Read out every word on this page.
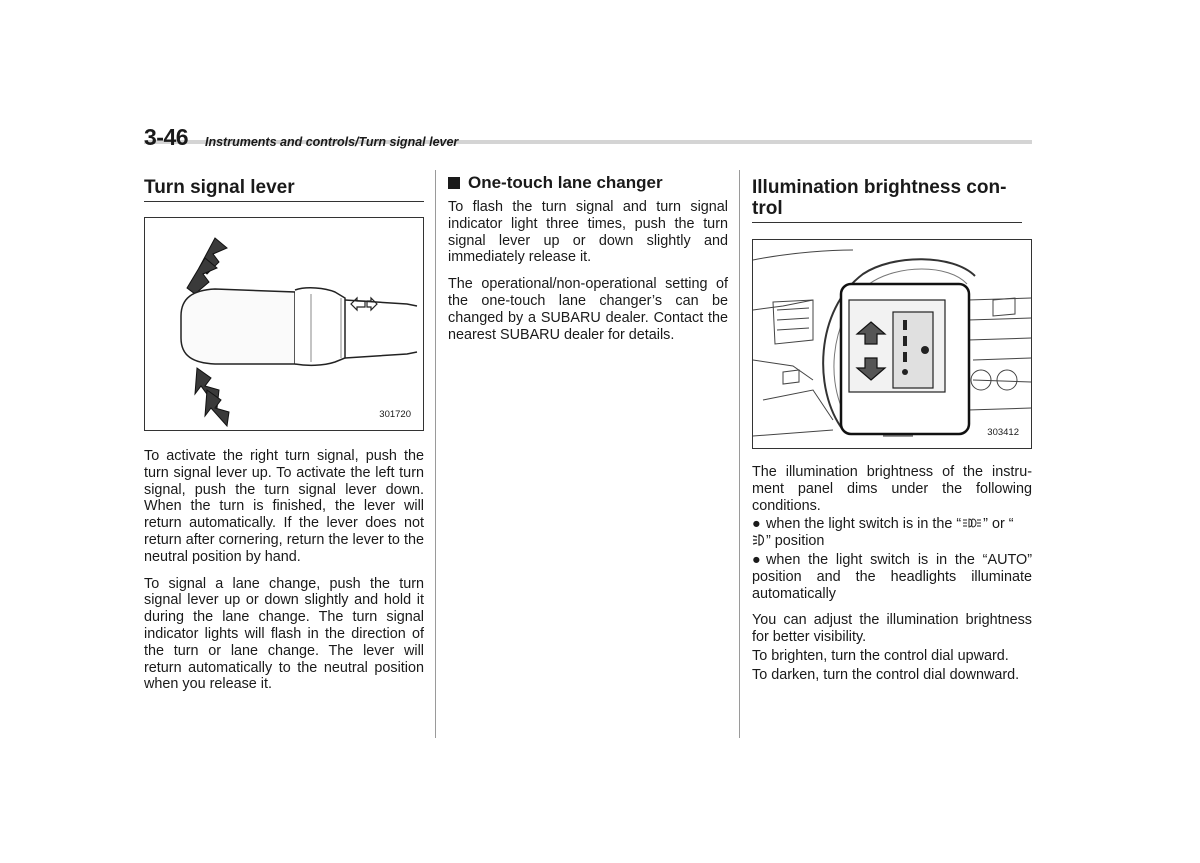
3-46 Instruments and controls/Turn signal lever
Turn signal lever
301720

To activate the right turn signal, push the turn signal lever up. To activate the left turn signal, push the turn signal lever down. When the turn is finished, the lever will return automatically. If the lever does not return after cornering, return the lever to the neutral position by hand.

To signal a lane change, push the turn signal lever up or down slightly and hold it during the lane change. The turn signal indicator lights will flash in the direction of the turn or lane change. The lever will return automatically to the neutral position when you release it.

One-touch lane changer

To flash the turn signal and turn signal indicator light three times, push the turn signal lever up or down slightly and immediately release it.

The operational/non-operational setting of the one-touch lane changer’s can be changed by a SUBARU dealer. Contact the nearest SUBARU dealer for details.

Illumination brightness con-trol
303412

The illumination brightness of the instru-ment panel dims under the following conditions.

● when the light switch is in the “ ” or “
” position

● when the light switch is in the “AUTO” position and the headlights illuminate automatically

You can adjust the illumination brightness for better visibility.

To brighten, turn the control dial upward.

To darken, turn the control dial downward.
